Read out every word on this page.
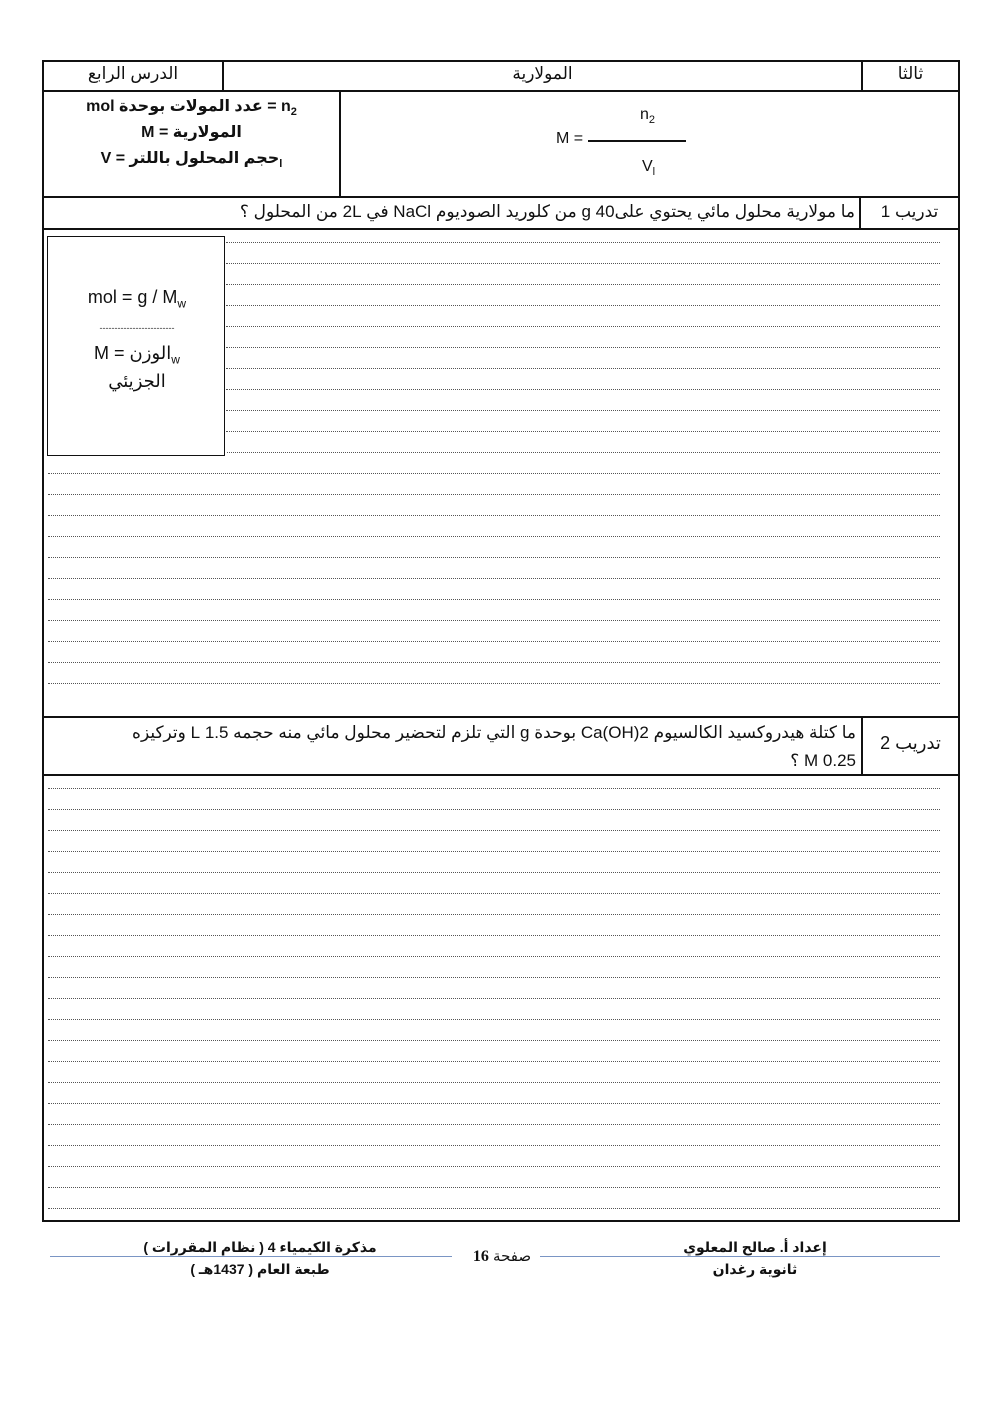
ثالثا
المولارية
الدرس الرابع
mol عدد المولات بوحدة = $n_2$
المولارية = M
حجم المحلول باللتر = $V_l$
M =
$n_2$
$V_l$
تدريب 1
ما مولارية محلول مائي يحتوي على40 g من كلوريد الصوديوم NaCl في 2L من المحلول ؟
mol = g / $M_w$
-------------------------
الوزن = $M_w$
الجزيئي
تدريب 2
ما كتلة هيدروكسيد الكالسيوم Ca(OH)2 بوحدة g التي تلزم لتحضير محلول مائي منه حجمه 1.5 L وتركيزه
0.25 M ؟
إعداد أ. صالح المعلوي
ثانوية رغدان
صفحة 16
مذكرة الكيمياء 4 ( نظام المقررات )
طبعة العام ( 1437هـ )
